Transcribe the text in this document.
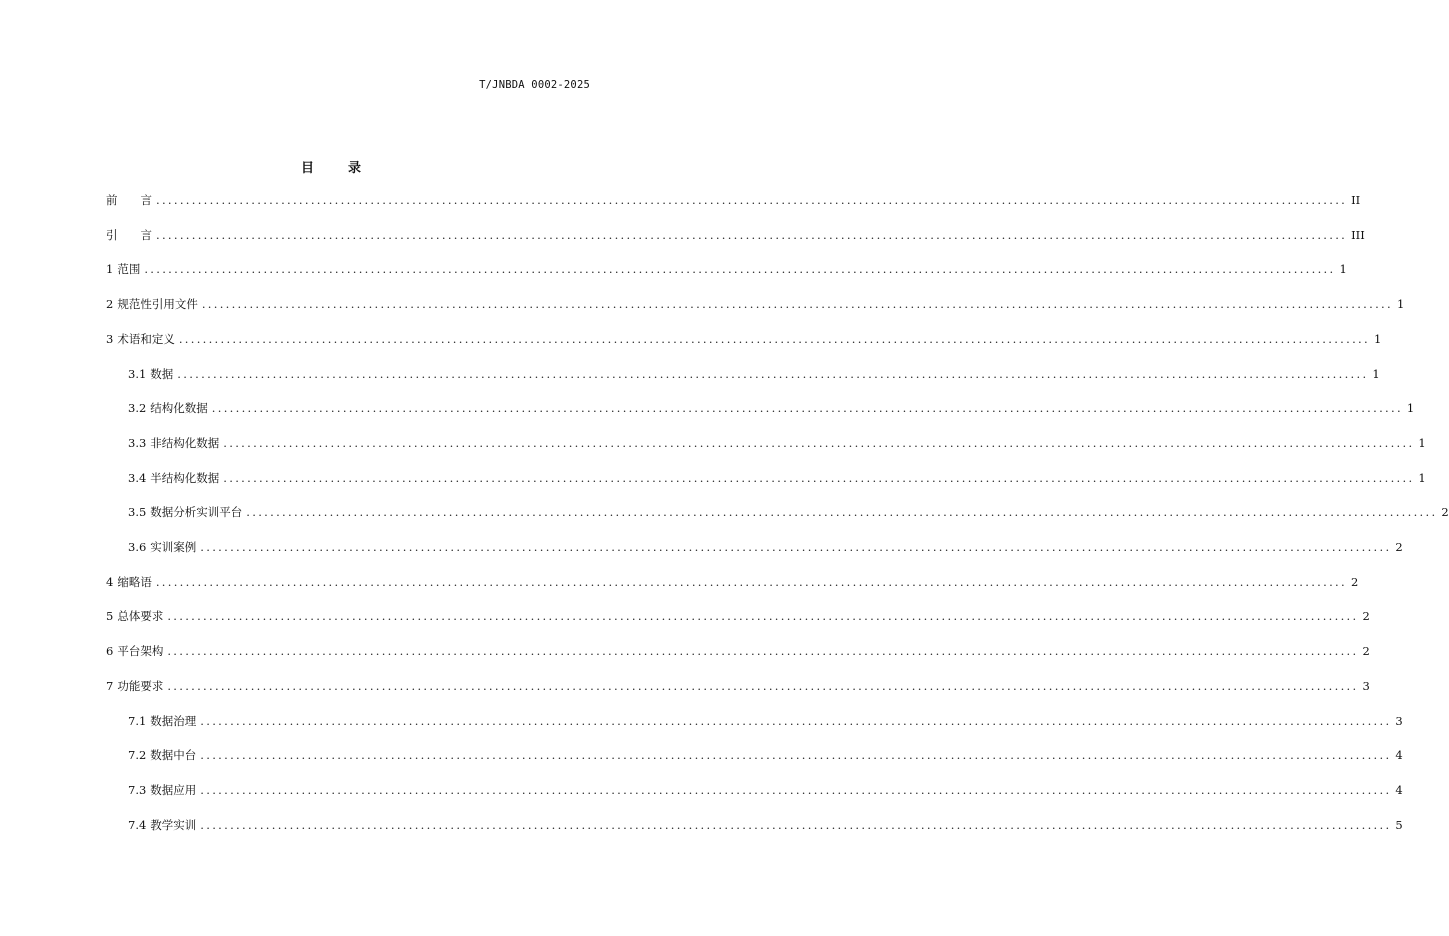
T/JNBDA 0002-2025
目	录
前　　言 ........................................................................................................................................................................................................ II
引　　言 ........................................................................................................................................................................................................ III
1 范围 ........................................................................................................................................................................................................ 1
2 规范性引用文件 ........................................................................................................................................................................................................ 1
3 术语和定义 ........................................................................................................................................................................................................ 1
3.1 数据 ........................................................................................................................................................................................................ 1
3.2 结构化数据 ........................................................................................................................................................................................................ 1
3.3 非结构化数据 ........................................................................................................................................................................................................ 1
3.4 半结构化数据 ........................................................................................................................................................................................................ 1
3.5 数据分析实训平台 ........................................................................................................................................................................................................ 2
3.6 实训案例 ........................................................................................................................................................................................................ 2
4 缩略语 ........................................................................................................................................................................................................ 2
5 总体要求 ........................................................................................................................................................................................................ 2
6 平台架构 ........................................................................................................................................................................................................ 2
7 功能要求 ........................................................................................................................................................................................................ 3
7.1 数据治理 ........................................................................................................................................................................................................ 3
7.2 数据中台 ........................................................................................................................................................................................................ 4
7.3 数据应用 ........................................................................................................................................................................................................ 4
7.4 教学实训 ........................................................................................................................................................................................................ 5
